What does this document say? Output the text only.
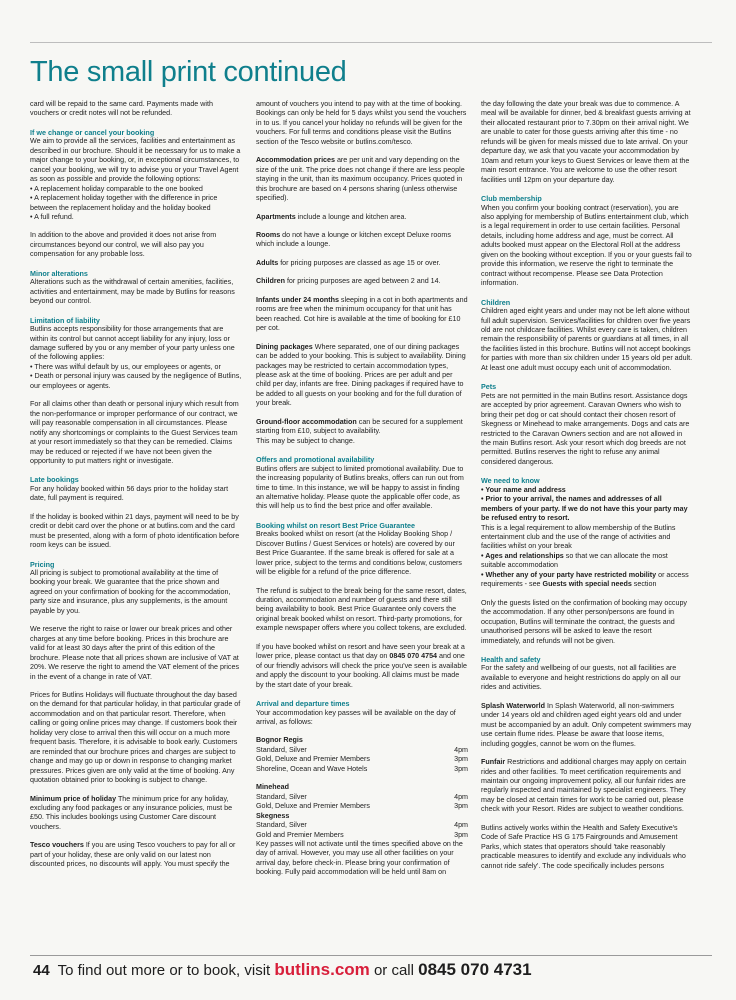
The small print continued

card will be repaid to the same card. Payments made with vouchers or credit notes will not be refunded.

If we change or cancel your booking

We aim to provide all the services, facilities and entertainment as described in our brochure. Should it be necessary for us to make a major change to your booking, or, in exceptional circumstances, to cancel your booking, we will try to advise you or your Travel Agent as soon as possible and provide the following options:

• A replacement holiday comparable to the one booked

• A replacement holiday together with the difference in price between the replacement holiday and the holiday booked

• A full refund.

In addition to the above and provided it does not arise from circumstances beyond our control, we will also pay you compensation for any probable loss.

Minor alterations

Alterations such as the withdrawal of certain amenities, facilities, activities and entertainment, may be made by Butlins for reasons beyond our control.

Limitation of liability

Butlins accepts responsibility for those arrangements that are within its control but cannot accept liability for any injury, loss or damage suffered by you or any member of your party unless one of the following applies:

• There was wilful default by us, our employees or agents, or

• Death or personal injury was caused by the negligence of Butlins, our employees or agents.

For all claims other than death or personal injury which result from the non-performance or improper performance of our contract, we will pay reasonable compensation in all circumstances. Please notify any shortcomings or complaints to the Guest Services team at your resort immediately so that they can be remedied. Claims may be reduced or rejected if we have not been given the opportunity to put matters right or investigate.

Late bookings

For any holiday booked within 56 days prior to the holiday start date, full payment is required.

If the holiday is booked within 21 days, payment will need to be by credit or debit card over the phone or at butlins.com and the card must be presented, along with a form of photo identification before room keys can be issued.

Pricing

All pricing is subject to promotional availability at the time of booking your break. We guarantee that the price shown and agreed on your confirmation of booking for the accommodation, party size and insurance, plus any supplements, is the amount payable by you.

We reserve the right to raise or lower our break prices and other charges at any time before booking. Prices in this brochure are valid for at least 30 days after the print of this edition of the brochure. Please note that all prices shown are inclusive of VAT at 20%. We reserve the right to amend the VAT element of the prices in the event of a change in rate of VAT.

Prices for Butlins Holidays will fluctuate throughout the day based on the demand for that particular holiday, in that particular grade of accommodation and on that particular resort. Therefore, when calling or going online prices may change. If customers book their holiday very close to arrival then this will occur on a much more frequent basis. Therefore, it is advisable to book early. Customers are reminded that our brochure prices and charges are subject to change and may go up or down in response to changing market pressures. Prices given are only valid at the time of booking. Any quotation obtained prior to booking is subject to change.

Minimum price of holiday The minimum price for any holiday, excluding any food packages or any insurance policies, must be £50. This includes bookings using Customer Care discount vouchers.

Tesco vouchers If you are using Tesco vouchers to pay for all or part of your holiday, these are only valid on our latest non discounted prices, no discounts will apply. You must specify the

amount of vouchers you intend to pay with at the time of booking. Bookings can only be held for 5 days whilst you send the vouchers in to us. If you cancel your holiday no refunds will be given for the vouchers. For full terms and conditions please visit the Butlins section of the Tesco website or butlins.com/tesco.

Accommodation prices are per unit and vary depending on the size of the unit. The price does not change if there are less people staying in the unit, than its maximum occupancy. Prices quoted in this brochure are based on 4 persons sharing (unless otherwise specified).

Apartments include a lounge and kitchen area.

Rooms do not have a lounge or kitchen except Deluxe rooms which include a lounge.

Adults for pricing purposes are classed as age 15 or over.

Children for pricing purposes are aged between 2 and 14.

Infants under 24 months sleeping in a cot in both apartments and rooms are free when the minimum occupancy for that unit has been reached. Cot hire is available at the time of booking for £10 per cot.

Dining packages Where separated, one of our dining packages can be added to your booking. This is subject to availability. Dining packages may be restricted to certain accommodation types, please ask at the time of booking. Prices are per adult and per child per day, infants are free. Dining packages if required have to be added to all guests on your booking and for the full duration of your break.

Ground-floor accommodation can be secured for a supplement starting from £10, subject to availability.

This may be subject to change.

Offers and promotional availability

Butlins offers are subject to limited promotional availability. Due to the increasing popularity of Butlins breaks, offers can run out from time to time. In this instance, we will be happy to assist in finding an alternative holiday. Please quote the applicable offer code, as this will help us to find the best price and offer available.

Booking whilst on resort Best Price Guarantee

Breaks booked whilst on resort (at the Holiday Booking Shop / Discover Butlins / Guest Services or hotels) are covered by our Best Price Guarantee. If the same break is offered for sale at a lower price, subject to the terms and conditions below, customers will be eligible for a refund of the price difference.

The refund is subject to the break being for the same resort, dates, duration, accommodation and number of guests and there still being availability to book. Best Price Guarantee only covers the original break booked whilst on resort. Third-party promotions, for example newspaper offers where you collect tokens, are excluded.

If you have booked whilst on resort and have seen your break at a lower price, please contact us that day on 0845 070 4754 and one of our friendly advisors will check the price you've seen is available and apply the discount to your booking. All claims must be made by the start date of your break.

Arrival and departure times

Your accommodation key passes will be available on the day of arrival, as follows:

Bognor Regis
Standard, Silver	4pm
Gold, Deluxe and Premier Members	3pm
Shoreline, Ocean and Wave Hotels	3pm
Minehead
Standard, Silver	4pm
Gold, Deluxe and Premier Members	3pm
Skegness
Standard, Silver	4pm
Gold and Premier Members	3pm

Key passes will not activate until the times specified above on the day of arrival. However, you may use all other facilities on your arrival day, before check-in. Please bring your confirmation of booking. Fully paid accommodation will be held until 8am on

the day following the date your break was due to commence. A meal will be available for dinner, bed & breakfast guests arriving at their allocated restaurant prior to 7.30pm on their arrival night. We are unable to cater for those guests arriving after this time - no refunds will be given for meals missed due to late arrival. On your departure day, we ask that you vacate your accommodation by 10am and return your keys to Guest Services or leave them at the main resort entrance. You are welcome to use the other resort facilities until 12pm on your departure day.

Club membership

When you confirm your booking contract (reservation), you are also applying for membership of Butlins entertainment club, which is a legal requirement in order to use certain facilities. Personal details, including home address and age, must be correct. All adults booked must appear on the Electoral Roll at the address given on the booking without exception. If you or your guests fail to provide this information, we reserve the right to terminate the contract without recompense. Please see Data Protection information.

Children

Children aged eight years and under may not be left alone without full adult supervision. Services/facilities for children over five years old are not childcare facilities. Whilst every care is taken, children remain the responsibility of parents or guardians at all times, in all the facilities listed in this brochure. Butlins will not accept bookings for parties with more than six children under 15 years old per adult. At least one adult must occupy each unit of accommodation.

Pets

Pets are not permitted in the main Butlins resort. Assistance dogs are accepted by prior agreement. Caravan Owners who wish to bring their pet dog or cat should contact their chosen resort of Skegness or Minehead to make arrangements. Dogs and cats are restricted to the Caravan Owners section and are not allowed in the main Butlins resort. Ask your resort which dog breeds are not permitted. Butlins reserves the right to refuse any animal considered dangerous.

We need to know

• Your name and address

• Prior to your arrival, the names and addresses of all members of your party. If we do not have this your party may be refused entry to resort.

This is a legal requirement to allow membership of the Butlins entertainment club and the use of the range of activities and facilities whilst on your break

• Ages and relationships so that we can allocate the most suitable accommodation

• Whether any of your party have restricted mobility or access requirements - see Guests with special needs section

Only the guests listed on the confirmation of booking may occupy the accommodation. If any other person/persons are found in occupation, Butlins will terminate the contract, the guests and unauthorised persons will be asked to leave the resort immediately, and refunds will not be given.

Health and safety

For the safety and wellbeing of our guests, not all facilities are available to everyone and height restrictions do apply on all our rides and activities.

Splash Waterworld In Splash Waterworld, all non-swimmers under 14 years old and children aged eight years old and under must be accompanied by an adult. Only competent swimmers may use certain flume rides. Please be aware that loose items, including goggles, cannot be worn on the flumes.

Funfair Restrictions and additional charges may apply on certain rides and other facilities. To meet certification requirements and maintain our ongoing improvement policy, all our funfair rides are regularly inspected and maintained by specialist engineers. They may be closed at certain times for work to be carried out, please check with your Resort. Rides are subject to weather conditions.

Butlins actively works within the Health and Safety Executive's Code of Safe Practice HS G 175 Fairgrounds and Amusement Parks, which states that operators should 'take reasonably practicable measures to identify and exclude any individuals who cannot ride safely'. The code specifically includes persons

44 To find out more or to book, visit butlins.com or call 0845 070 4731
